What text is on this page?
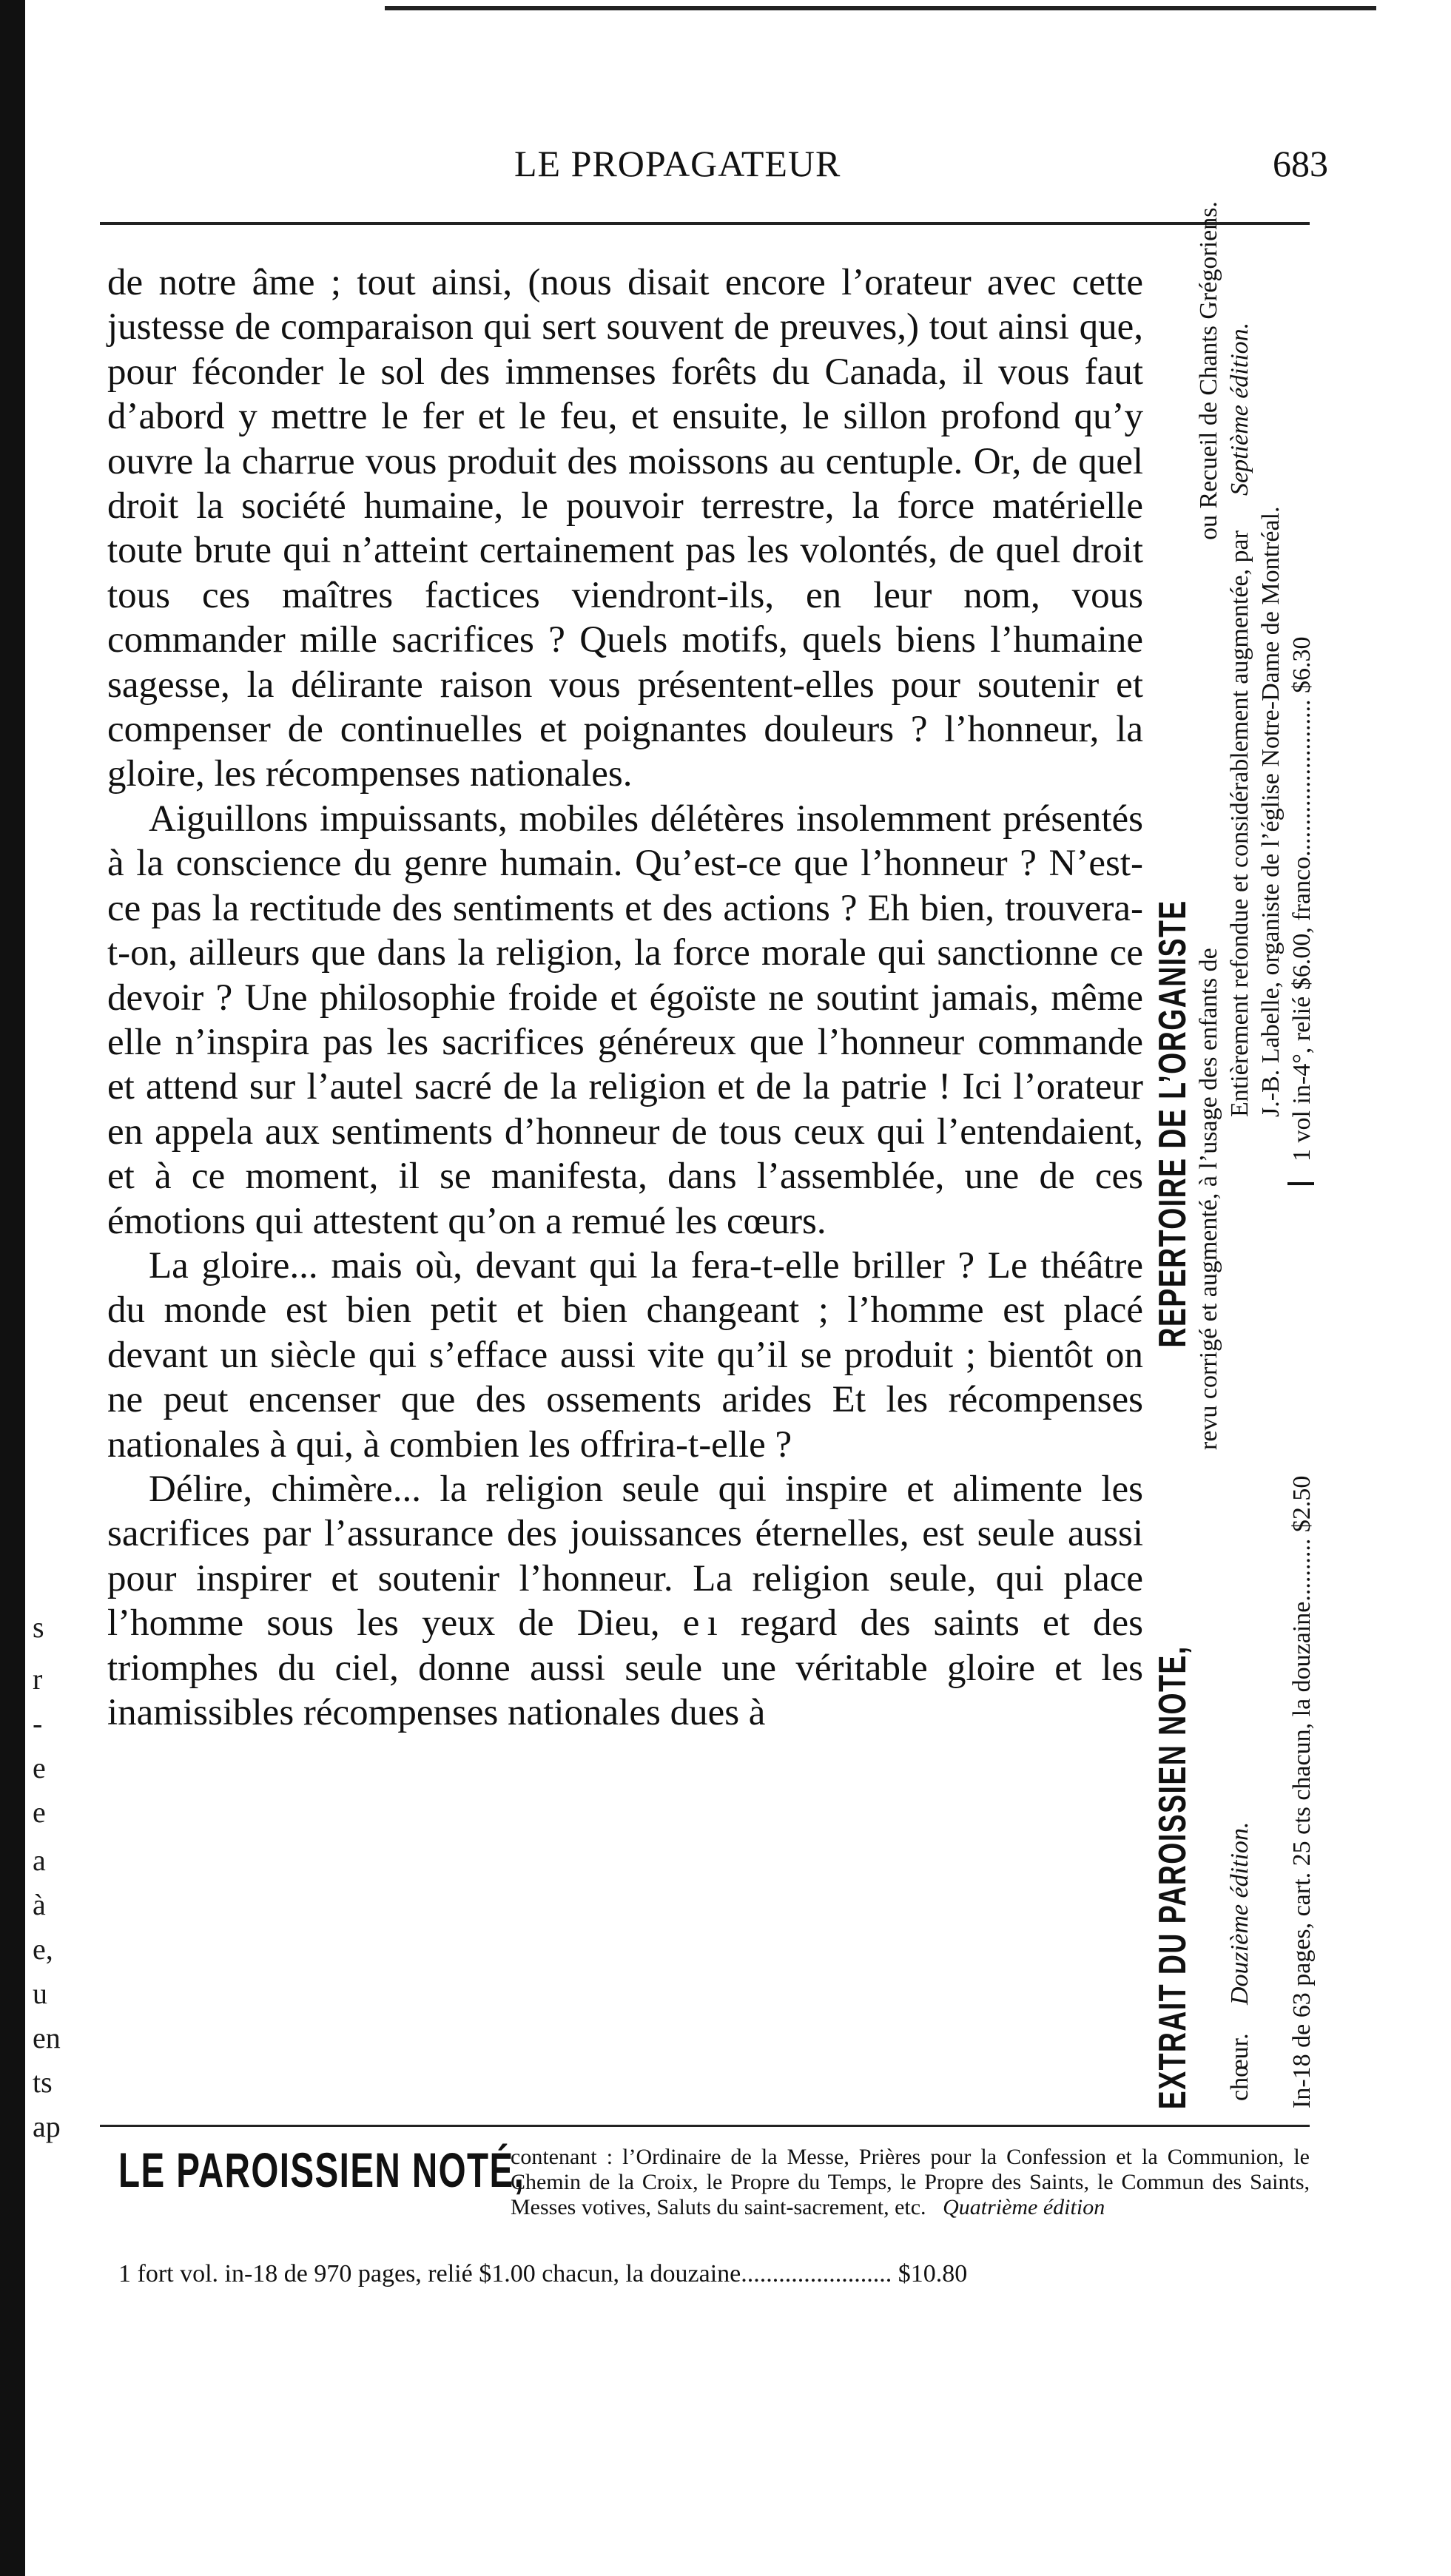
s
r
-
e
e
a
à
e,
u
en
ts
ap
LE PROPAGATEUR	683

de notre âme ; tout ainsi, (nous disait encore l’orateur avec cette justesse de comparaison qui sert souvent de preuves,) tout ainsi que, pour féconder le sol des immenses forêts du Canada, il vous faut d’abord y mettre le fer et le feu, et ensuite, le sillon profond qu’y ouvre la charrue vous produit des moissons au centuple. Or, de quel droit la société humaine, le pouvoir terrestre, la force matérielle toute brute qui n’atteint certainement pas les volontés, de quel droit tous ces maîtres factices viendront-ils, en leur nom, vous commander mille sacrifices ? Quels motifs, quels biens l’humaine sagesse, la délirante raison vous présentent-elles pour soutenir et compenser de continuelles et poignantes douleurs ? l’honneur, la gloire, les récompenses nationales.

Aiguillons impuissants, mobiles délétères insolemment présentés à la conscience du genre humain. Qu’est-ce que l’honneur ? N’est-ce pas la rectitude des sentiments et des actions ? Eh bien, trouvera-t-on, ailleurs que dans la religion, la force morale qui sanctionne ce devoir ? Une philosophie froide et égoïste ne soutint jamais, même elle n’inspira pas les sacrifices généreux que l’honneur commande et attend sur l’autel sacré de la religion et de la patrie ! Ici l’orateur en appela aux sentiments d’honneur de tous ceux qui l’entendaient, et à ce moment, il se manifesta, dans l’assemblée, une de ces émotions qui attestent qu’on a remué les cœurs.

La gloire... mais où, devant qui la fera-t-elle briller ? Le théâtre du monde est bien petit et bien changeant ; l’homme est placé devant un siècle qui s’efface aussi vite qu’il se produit ; bientôt on ne peut encenser que des ossements arides Et les récompenses nationales à qui, à combien les offrira-t-elle ?

Délire, chimère... la religion seule qui inspire et alimente les sacrifices par l’assurance des jouissances éternelles, est seule aussi pour inspirer et soutenir l’honneur. La religion seule, qui place l’homme sous les yeux de Dieu, e ı regard des saints et des triomphes du ciel, donne aussi seule une véritable gloire et les inamissibles récompenses nationales dues à	EXTRAIT DU PAROISSIEN NOTE,
REPERTOIRE DE L’ORGANISTE revu corrigé et augmenté, à l’usage des enfants de
ou Recueil de Chants Grégoriens.
chœur.
Douzième édition.
Entièrement refondue et considérablement augmentée, par
Septième édition.
J.-B. Labelle, organiste de l’église Notre-Dame de Montréal.
In-18 de 63 pages, cart. 25 cts chacun, la douzaine.......... $2.50
1 vol in-4°, relié $6.00, franco......................... $6.30
LE PAROISSIEN NOTÉ,
contenant : l’Ordinaire de la Messe, Prières pour la Confession et la Communion, le Chemin de la Croix, le Propre du Temps, le Propre des Saints, le Commun des Saints, Messes votives, Saluts du saint-sacrement, etc. Quatrième édition
1 fort vol. in-18 de 970 pages, relié $1.00 chacun, la douzaine........................ $10.80
